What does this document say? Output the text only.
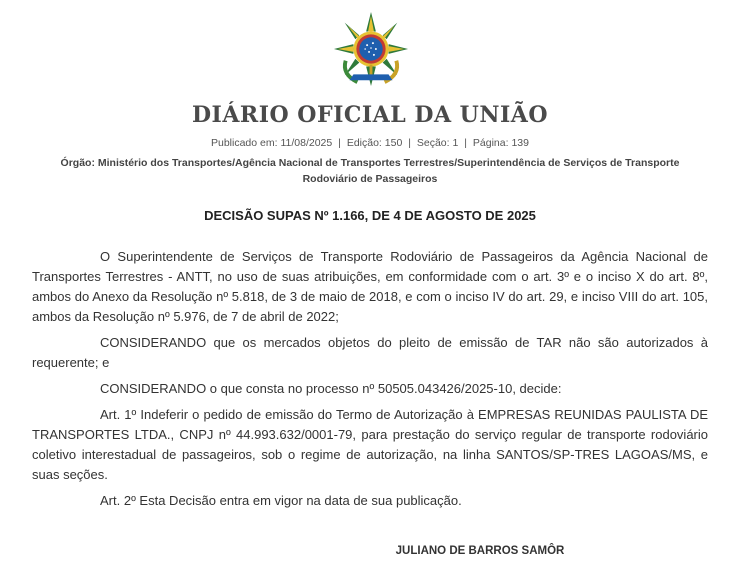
DIÁRIO OFICIAL DA UNIÃO
Publicado em: 11/08/2025 | Edição: 150 | Seção: 1 | Página: 139
Órgão: Ministério dos Transportes/Agência Nacional de Transportes Terrestres/Superintendência de Serviços de Transporte Rodoviário de Passageiros
DECISÃO SUPAS Nº 1.166, DE 4 DE AGOSTO DE 2025

O Superintendente de Serviços de Transporte Rodoviário de Passageiros da Agência Nacional de Transportes Terrestres - ANTT, no uso de suas atribuições, em conformidade com o art. 3º e o inciso X do art. 8º, ambos do Anexo da Resolução nº 5.818, de 3 de maio de 2018, e com o inciso IV do art. 29, e inciso VIII do art. 105, ambos da Resolução nº 5.976, de 7 de abril de 2022;

CONSIDERANDO que os mercados objetos do pleito de emissão de TAR não são autorizados à requerente; e

CONSIDERANDO o que consta no processo nº 50505.043426/2025-10, decide:

Art. 1º Indeferir o pedido de emissão do Termo de Autorização à EMPRESAS REUNIDAS PAULISTA DE TRANSPORTES LTDA., CNPJ nº 44.993.632/0001-79, para prestação do serviço regular de transporte rodoviário coletivo interestadual de passageiros, sob o regime de autorização, na linha SANTOS/SP-TRES LAGOAS/MS, e suas seções.

Art. 2º Esta Decisão entra em vigor na data de sua publicação.

JULIANO DE BARROS SAMÔR
